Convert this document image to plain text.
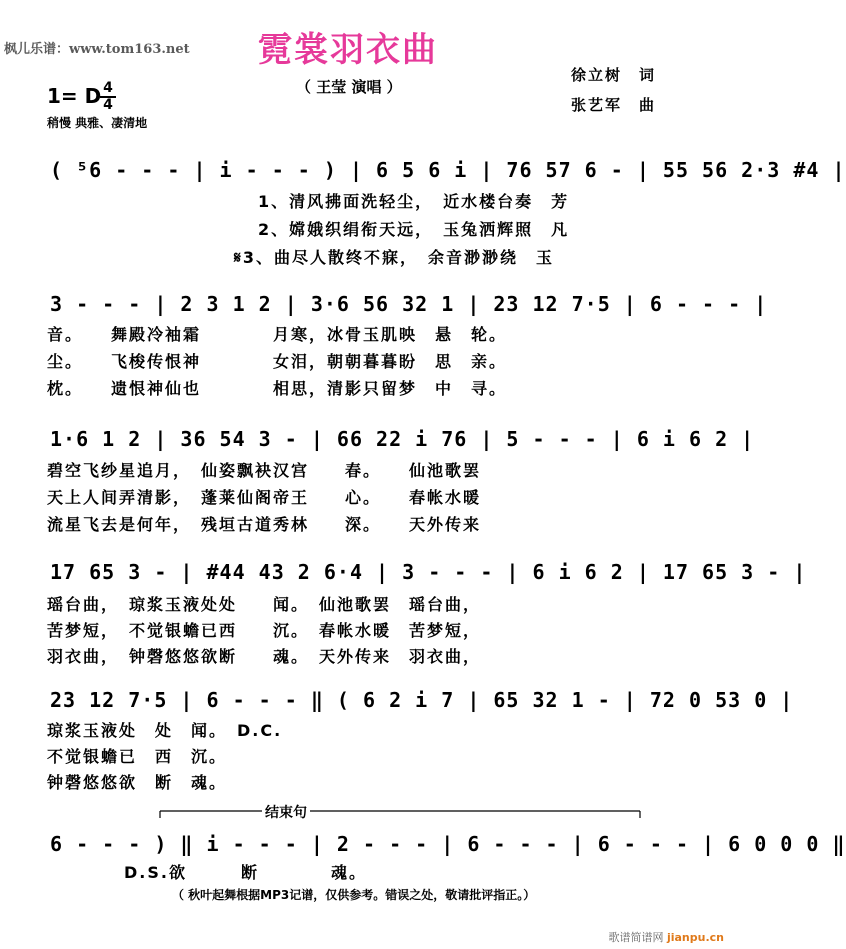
枫儿乐谱：www.tom163.net 霓裳羽衣曲
（ 王莹 演唱 ）
徐立树　词
张艺军　曲
1= D 4
4
稍慢 典雅、凄清地
( ⁵6 - - - | i - - - ) | 6 5 6 i | 76 57 6 - | 55 56 2·3 #4 |
1、清风拂面洗轻尘，　近水楼台奏　芳
2、嫦娥织绢衔天远，　玉兔洒辉照　凡
𝄋3、曲尽人散终不寐，　余音渺渺绕　玉
3 - - - | 2 3 1 2 | 3·6 56 32 1 | 23 12 7·5 | 6 - - - |
音。　　舞殿冷袖霜　　　　月寒，冰骨玉肌映　悬　轮。
尘。　　飞梭传恨神　　　　女泪，朝朝暮暮盼　思　亲。
枕。　　遗恨神仙也　　　　相思，清影只留梦　中　寻。
1·6 1 2 | 36 54 3 - | 66 22 i 76 | 5 - - - | 6 i 6 2 |
碧空飞纱星追月，　仙姿飘袂汉宫　　春。　　仙池歌罢
天上人间弄清影，　蓬莱仙阁帝王　　心。　　春帐水暖
流星飞去是何年，　残垣古道秀林　　深。　　天外传来
17 65 3 - | #44 43 2 6·4 | 3 - - - | 6 i 6 2 | 17 65 3 - |
瑶台曲，　琼浆玉液处处　　闻。　仙池歌罢　瑶台曲，
苦梦短，　不觉银蟾已西　　沉。　春帐水暖　苦梦短，
羽衣曲，　钟磬悠悠欲断　　魂。　天外传来　羽衣曲，
23 12 7·5 | 6 - - - ‖ ( 6 2 i 7 | 65 32 1 - | 72 0 53 0 |
琼浆玉液处　处　闻。　D.C.
不觉银蟾已　西　沉。
钟磬悠悠欲　断　魂。
结束句
6 - - - ) ‖ i - - - | 2 - - - | 6 - - - | 6 - - - | 6 0 0 0 ‖
D.S.欲　　　断　　　　魂。
（ 秋叶起舞根据MP3记谱，仅供参考。错误之处，敬请批评指正。）
歌谱简谱网 jianpu.cn
